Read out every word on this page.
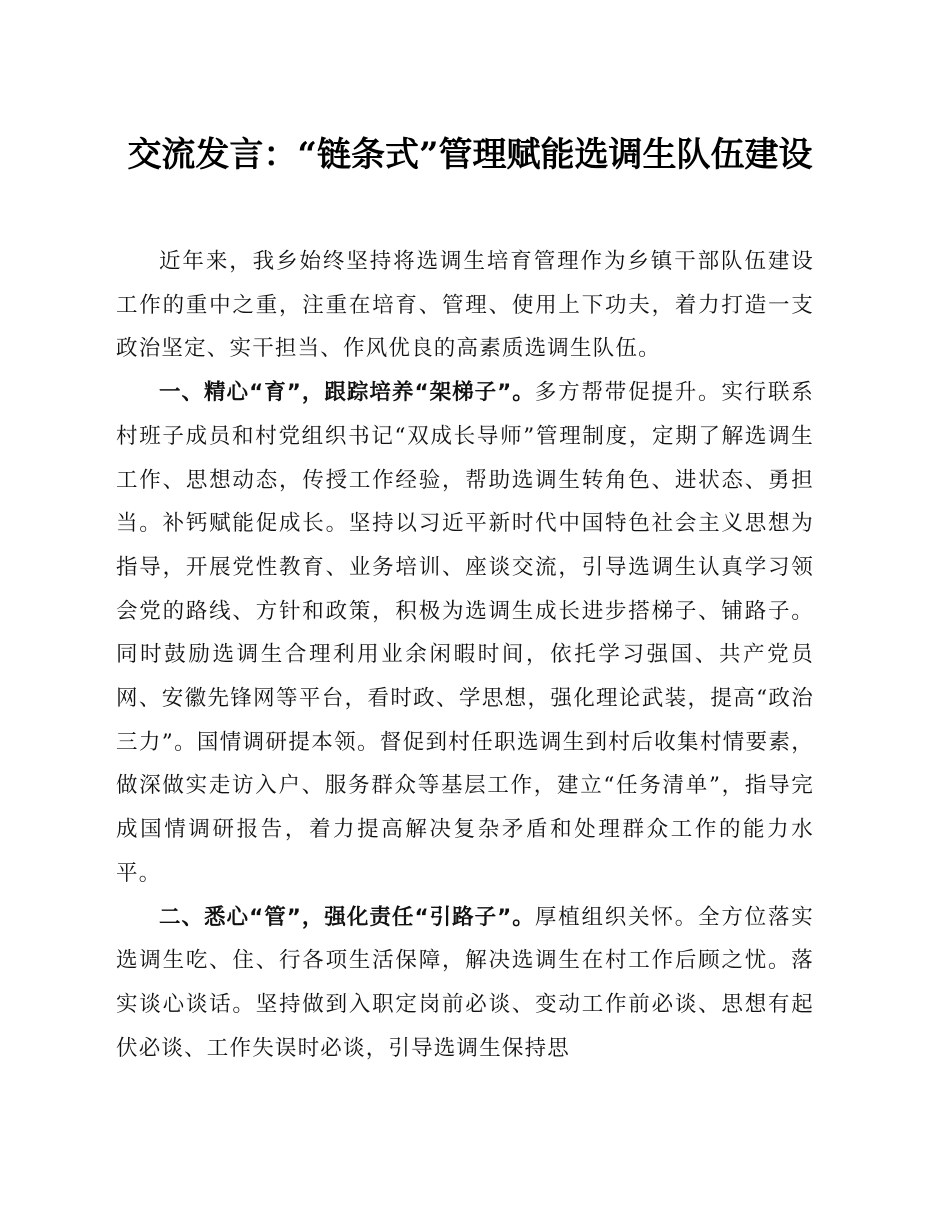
交流发言：“链条式”管理赋能选调生队伍建设

近年来，我乡始终坚持将选调生培育管理作为乡镇干部队伍建设工作的重中之重，注重在培育、管理、使用上下功夫，着力打造一支政治坚定、实干担当、作风优良的高素质选调生队伍。

一、精心“育”，跟踪培养“架梯子”。多方帮带促提升。实行联系村班子成员和村党组织书记“双成长导师”管理制度，定期了解选调生工作、思想动态，传授工作经验，帮助选调生转角色、进状态、勇担当。补钙赋能促成长。坚持以习近平新时代中国特色社会主义思想为指导，开展党性教育、业务培训、座谈交流，引导选调生认真学习领会党的路线、方针和政策，积极为选调生成长进步搭梯子、铺路子。同时鼓励选调生合理利用业余闲暇时间，依托学习强国、共产党员网、安徽先锋网等平台，看时政、学思想，强化理论武装，提高“政治三力”。国情调研提本领。督促到村任职选调生到村后收集村情要素，做深做实走访入户、服务群众等基层工作，建立“任务清单”，指导完成国情调研报告，着力提高解决复杂矛盾和处理群众工作的能力水平。

二、悉心“管”，强化责任“引路子”。厚植组织关怀。全方位落实选调生吃、住、行各项生活保障，解决选调生在村工作后顾之忧。落实谈心谈话。坚持做到入职定岗前必谈、变动工作前必谈、思想有起伏必谈、工作失误时必谈，引导选调生保持思
